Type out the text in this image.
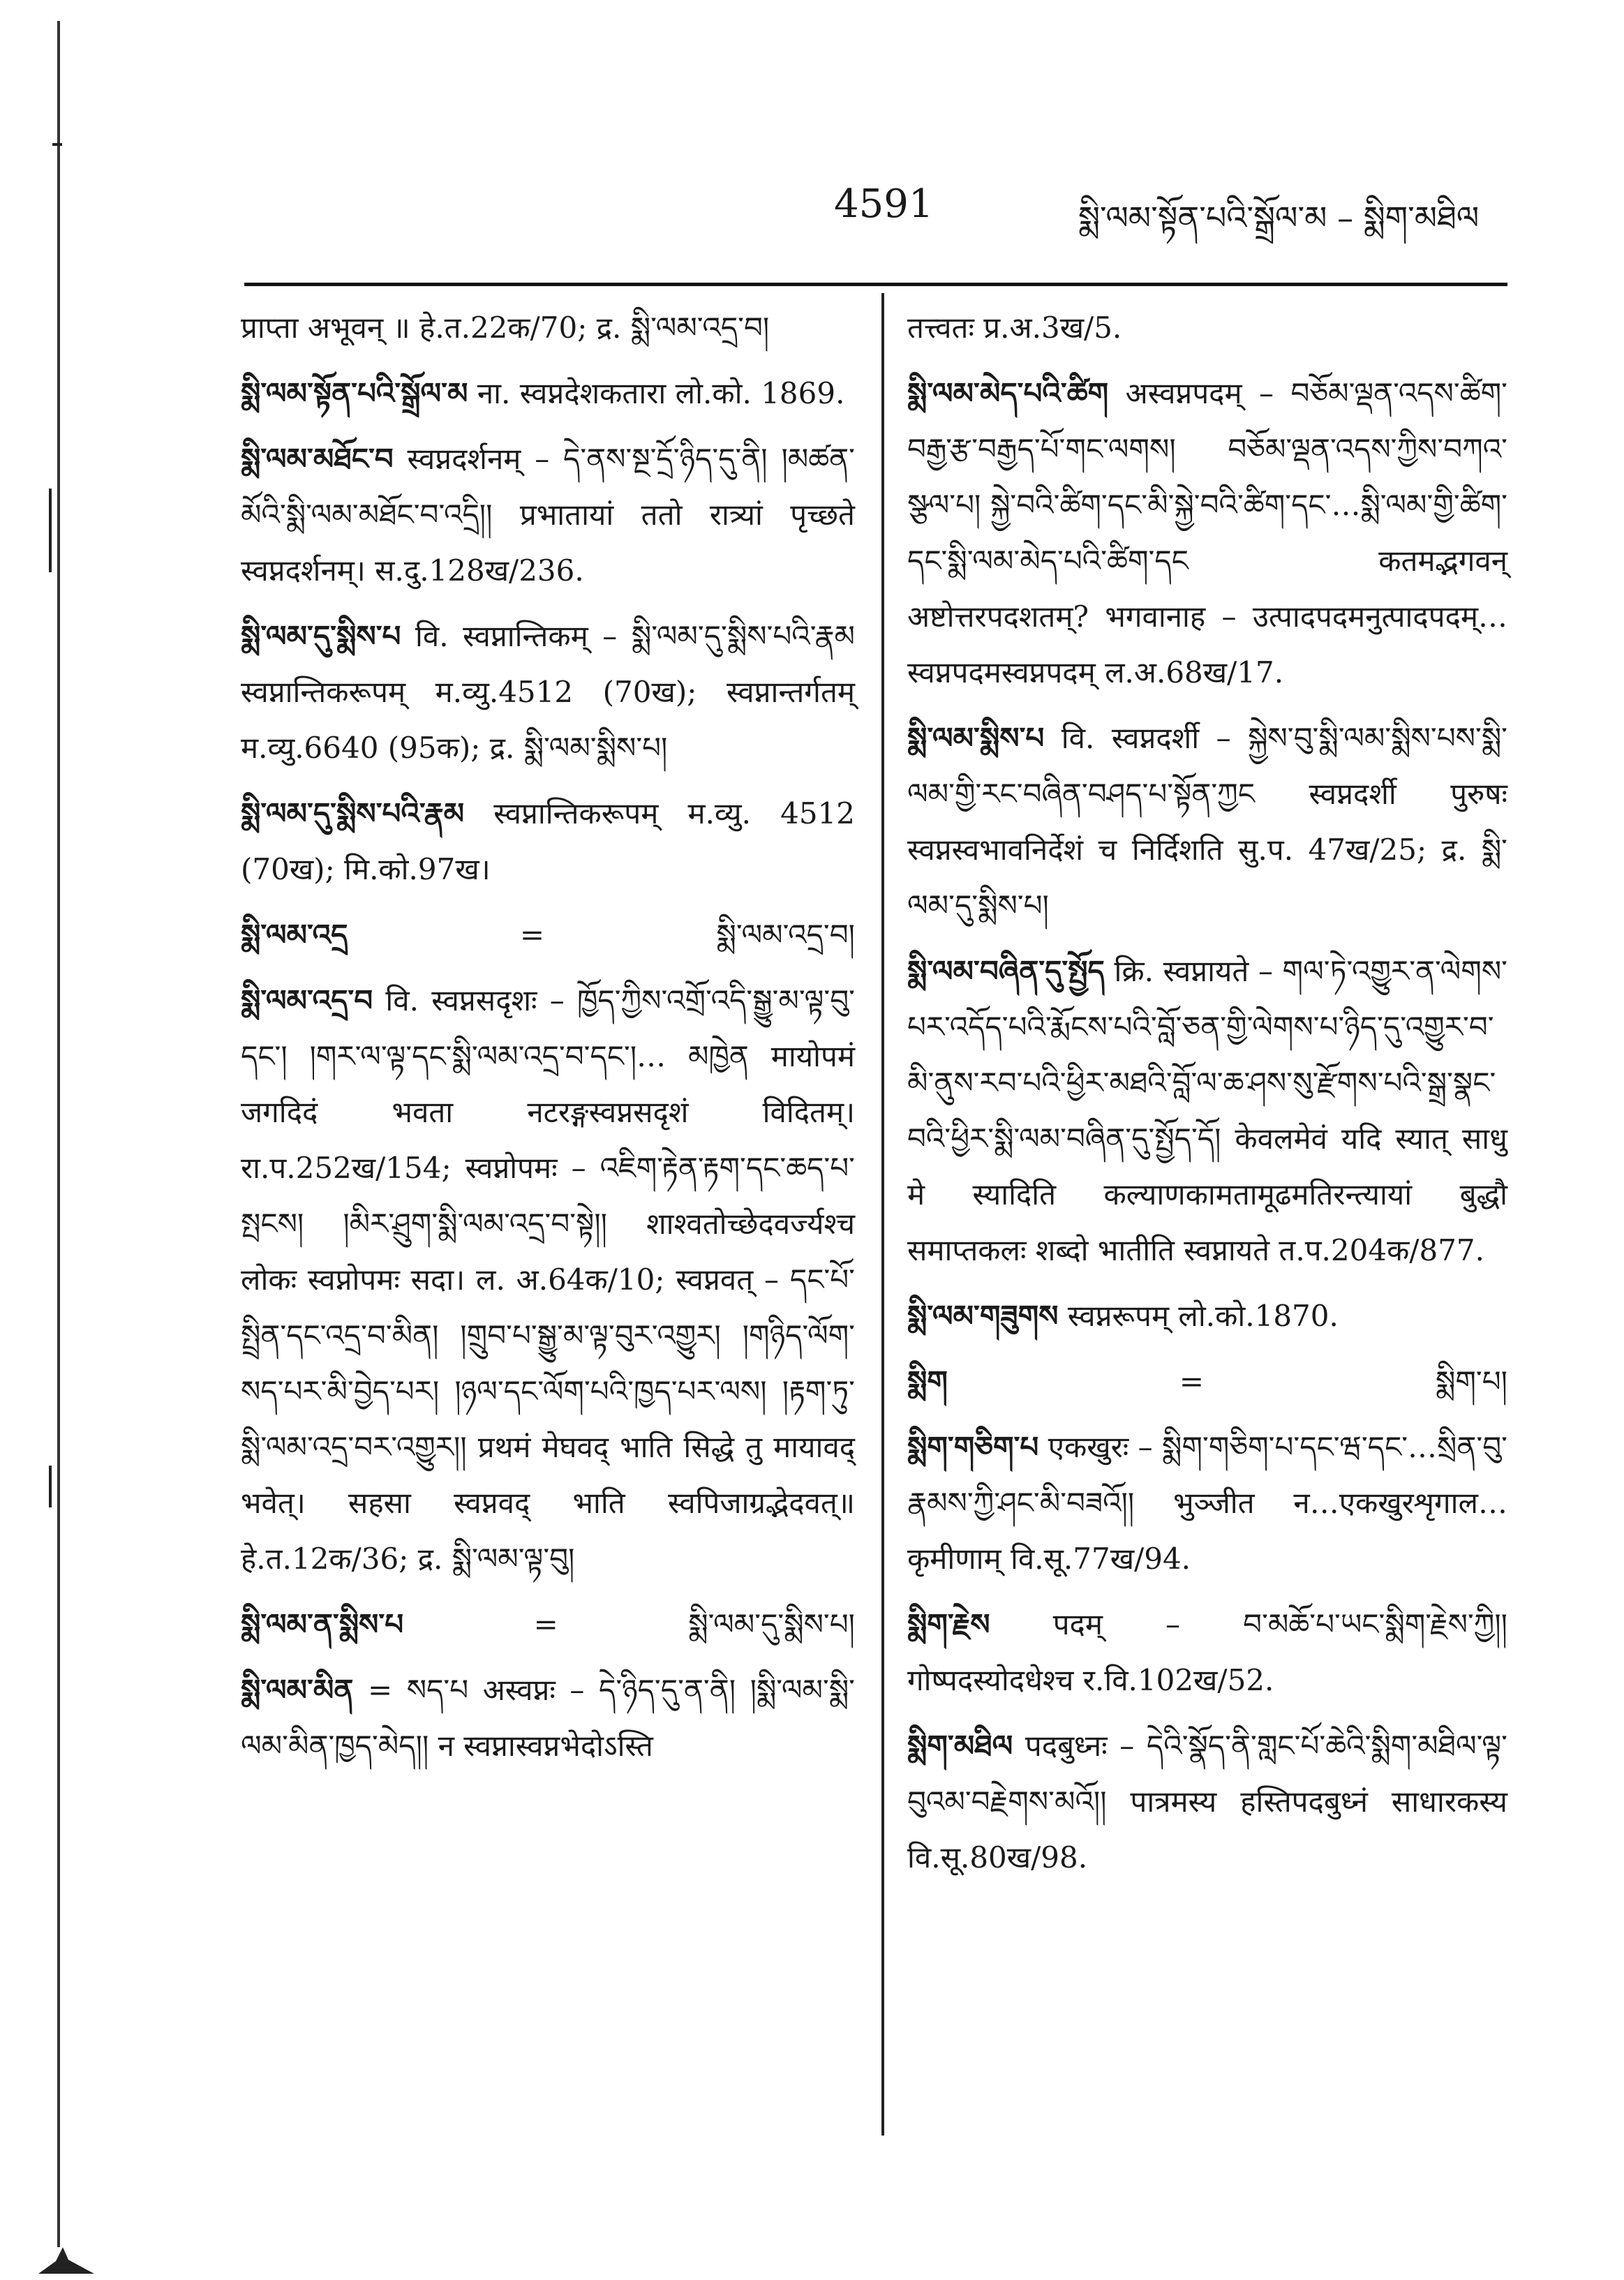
4591	སྨི་ལམ་སྟོན་པའི་སྒྲོལ་མ – སྨིག་མཐིལ

प्राप्ता अभूवन् ॥ हे.त.22क/70; द्र. སྨི་ལམ་འདྲ་བ།

སྨི་ལམ་སྟོན་པའི་སྒྲོལ་མ ना. स्वप्नदेशकतारा लो.को. 1869.

སྨི་ལམ་མཐོང་བ स्वप्नदर्शनम् – དེ་ནས་སྔ་དྲོ་ཉིད་དུ་ནི། །མཚན་མོའི་སྨི་ལམ་མཐོང་བ་འདྲི།། प्रभातायां ततो रात्र्यां पृच्छते स्वप्नदर्शनम्। स.दु.128ख/236.

སྨི་ལམ་དུ་སྨིས་པ वि. स्वप्नान्तिकम् – སྨི་ལམ་དུ་སྨིས་པའི་རྣམ स्वप्नान्तिकरूपम् म.व्यु.4512 (70ख); स्वप्नान्तर्गतम् म.व्यु.6640 (95क); द्र. སྨི་ལམ་སྨིས་པ།

སྨི་ལམ་དུ་སྨིས་པའི་རྣམ स्वप्नान्तिकरूपम् म.व्यु. 4512 (70ख); मि.को.97ख।

སྨི་ལམ་འདྲ	=	སྨི་ལམ་འདྲ་བ།

སྨི་ལམ་འདྲ་བ वि. स्वप्नसदृशः – ཁྱོད་ཀྱིས་འགྲོ་འདི་སྒྱུ་མ་ལྟ་བུ་དང་། །གར་ལ་ལྟ་དང་སྨི་ལམ་འདྲ་བ་དང་།… མཁྱེན मायोपमं जगदिदं भवता नटरङ्गस्वप्नसदृशं विदितम्। रा.प.252ख/154; स्वप्नोपमः – འཇིག་རྟེན་རྟག་དང་ཆད་པ་སྤངས། །མིར་ཤྲུག་སྨི་ལམ་འདྲ་བ་སྟེ།། शाश्वतोच्छेदवर्ज्यश्च लोकः स्वप्नोपमः सदा। ल. अ.64क/10; स्वप्नवत् – དང་པོ་སྤྲིན་དང་འདྲ་བ་མིན། །གྲུབ་པ་སྒྱུ་མ་ལྟ་བུར་འགྱུར། །གཉིད་ལོག་སད་པར་མི་བྱེད་པར། །ཉལ་དང་ལོག་པའི་ཁྱད་པར་ལས། །རྟག་ཏུ་སྨི་ལམ་འདྲ་བར་འགྱུར།། प्रथमं मेघवद् भाति सिद्धे तु मायावद् भवेत्। सहसा स्वप्नवद् भाति स्वपिजाग्रद्भेदवत्॥ हे.त.12क/36; द्र. སྨི་ལམ་ལྟ་བུ།

སྨི་ལམ་ན་སྨིས་པ	=	སྨི་ལམ་དུ་སྨིས་པ།

སྨི་ལམ་མིན = སད་པ अस्वप्नः – དེ་ཉིད་དུ་ན་ནི། །སྨི་ལམ་སྨི་ལམ་མིན་ཁྱད་མེད།། न स्वप्नास्वप्नभेदोऽस्ति

तत्त्वतः प्र.अ.3ख/5.

སྨི་ལམ་མེད་པའི་ཚིག अस्वप्नपदम् – བཅོམ་ལྡན་འདས་ཚིག་བརྒྱ་རྩ་བརྒྱད་པོ་གང་ལགས། བཅོམ་ལྡན་འདས་ཀྱིས་བཀའ་སྩལ་པ། སྐྱེ་བའི་ཚིག་དང་མི་སྐྱེ་བའི་ཚིག་དང་…སྨི་ལམ་གྱི་ཚིག་དང་སྨི་ལམ་མེད་པའི་ཚིག་དང कतमद्भगवन् अष्टोत्तरपदशतम्? भगवानाह – उत्पादपदमनुत्पादपदम्…स्वप्नपदमस्वप्नपदम् ल.अ.68ख/17.

སྨི་ལམ་སྨིས་པ वि. स्वप्नदर्शी – སྐྱེས་བུ་སྨི་ལམ་སྨིས་པས་སྨི་ལམ་གྱི་རང་བཞིན་བཤད་པ་སྟོན་ཀྱང स्वप्नदर्शी पुरुषः स्वप्नस्वभावनिर्देशं च निर्दिशति सु.प. 47ख/25; द्र. སྨི་ལམ་དུ་སྨིས་པ།

སྨི་ལམ་བཞིན་དུ་སྤྱོད क्रि. स्वप्नायते – གལ་ཏེ་འགྱུར་ན་ལེགས་པར་འདོད་པའི་རྨོངས་པའི་བློ་ཅན་གྱི་ལེགས་པ་ཉིད་དུ་འགྱུར་བ་མི་ནུས་རབ་པའི་ཕྱིར་མཐའི་བློ་ལ་ཆ་ཤས་སུ་རྫོགས་པའི་སྒྲ་སྣང་བའི་ཕྱིར་སྨི་ལམ་བཞིན་དུ་སྤྱོད་དོ། केवलमेवं यदि स्यात् साधु मे स्यादिति कल्याणकामतामूढमतिरन्त्यायां बुद्धौ समाप्तकलः शब्दो भातीति स्वप्नायते त.प.204क/877.

སྨི་ལམ་གཟུགས स्वप्नरूपम् लो.को.1870.

སྨིག	=	སྨིག་པ།

སྨིག་གཅིག་པ एकखुरः – སྨིག་གཅིག་པ་དང་ཝ་དང་…སྲིན་བུ་རྣམས་ཀྱི་ཤང་མི་བཟའོ།། भुञ्जीत न…एकखुरशृगाल…कृमीणाम् वि.सू.77ख/94.

སྨིག་རྗེས पदम् – བ་མཆོ་པ་ཡང་སྨིག་རྗེས་ཀྱི།། गोष्पदस्योदधेश्च र.वि.102ख/52.

སྨིག་མཐིལ पदबुध्नः – དེའི་སྣོད་ནི་གླང་པོ་ཆེའི་སྨིག་མཐིལ་ལྟ་བུའམ་བརྗེགས་མའོ།། पात्रमस्य हस्तिपदबुध्नं साधारकस्य वि.सू.80ख/98.
